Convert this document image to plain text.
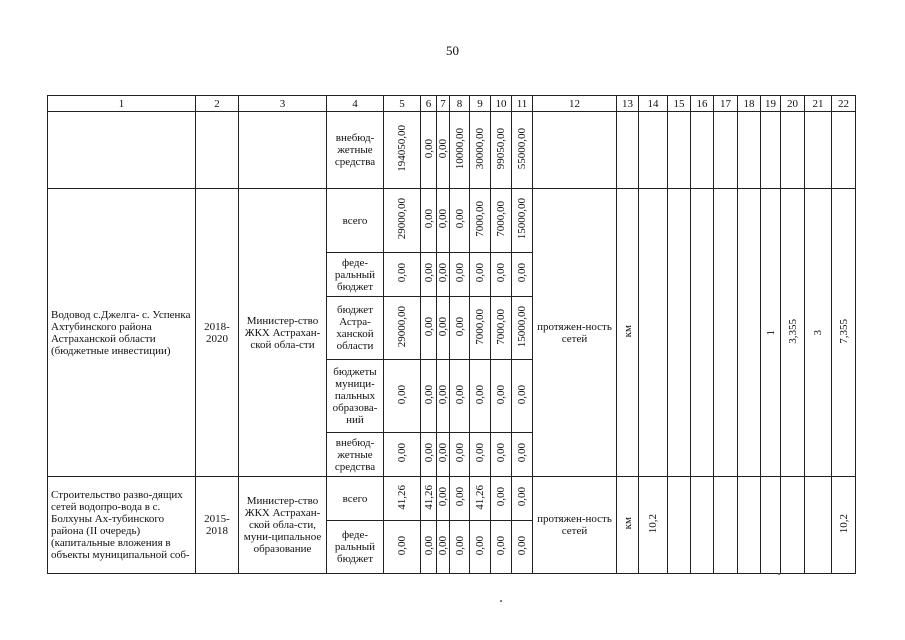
50
1	2	3	4	5	6	7	8	9	10	11	12	13	14	15	16	17	18	19	20	21	22
			внебюд-жетные средства	194050,00	0,00	0,00	10000,00	30000,00	99050,00	55000,00											
Водовод с.Джелга- с. Успенка Ахтубинского района Астраханской области (бюджетные инвестиции)	2018-2020	Министер-ство ЖКХ Астрахан-ской обла-сти	всего	29000,00	0,00	0,00	0,00	7000,00	7000,00	15000,00	протяжен-ность сетей	км						1	3,355	3	7,355
			феде-ральный бюджет	0,00	0,00	0,00	0,00	0,00	0,00	0,00											
			бюджет Астра-ханской области	29000,00	0,00	0,00	0,00	7000,00	7000,00	15000,00											
			бюджеты муници-пальных образова-ний	0,00	0,00	0,00	0,00	0,00	0,00	0,00											
			внебюд-жетные средства	0,00	0,00	0,00	0,00	0,00	0,00	0,00											
Строительство разво-дящих сетей водопро-вода в с. Болхуны Ах-тубинского района (II очередь) (капитальные вложения в объекты муниципальной соб-	2015-2018	Министер-ство ЖКХ Астрахан-ской обла-сти, муни-ципальное образование	всего	41,26	41,26	0,00	0,00	41,26	0,00	0,00	протяжен-ность сетей	км	10,2								10,2
			феде-ральный бюджет	0,00	0,00	0,00	0,00	0,00	0,00	0,00											
